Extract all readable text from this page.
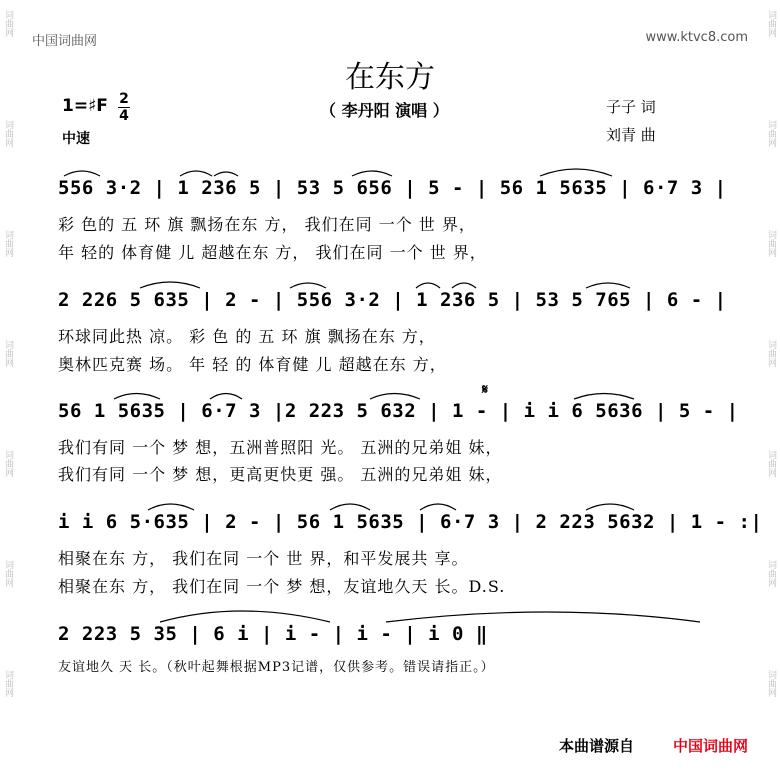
词曲网
词曲网
词曲网
词曲网
词曲网
词曲网
词曲网
词曲网
词曲网
词曲网
词曲网
词曲网
词曲网
词曲网
中国词曲网	www.ktvc8.com
在东方
1=♯F 2
4
中速
（ 李丹阳 演唱 ）	子子 词
刘青 曲
𝄋
556 3·2 | 1 236 5 | 53 5 656 | 5 - | 56 1 5635 | 6·7 3 |
彩 色的 五 环 旗 飘扬在东 方， 我们在同 一个 世 界，
年 轻的 体育健 儿 超越在东 方， 我们在同 一个 世 界，
2 226 5 635 | 2 - | 556 3·2 | 1 236 5 | 53 5 765 | 6 - |
环球同此热 凉。 彩 色 的 五 环 旗 飘扬在东 方，
奥林匹克赛 场。 年 轻 的 体育健 儿 超越在东 方，
56 1 5635 | 6·7 3 |2 223 5 632 | 1 - | i i 6 5636 | 5 - |
我们有同 一个 梦 想，五洲普照阳 光。 五洲的兄弟姐 妹，
我们有同 一个 梦 想，更高更快更 强。 五洲的兄弟姐 妹，
i i 6 5·635 | 2 - | 56 1 5635 | 6·7 3 | 2 223 5632 | 1 - :|
相聚在东 方， 我们在同 一个 世 界，和平发展共 享。
相聚在东 方， 我们在同 一个 梦 想，友谊地久天 长。D.S.
2 223 5 35 | 6 i | i - | i - | i 0 ‖
友谊地久 天 长。（秋叶起舞根据MP3记谱，仅供参考。错误请指正。）
本曲谱源自	中国词曲网
